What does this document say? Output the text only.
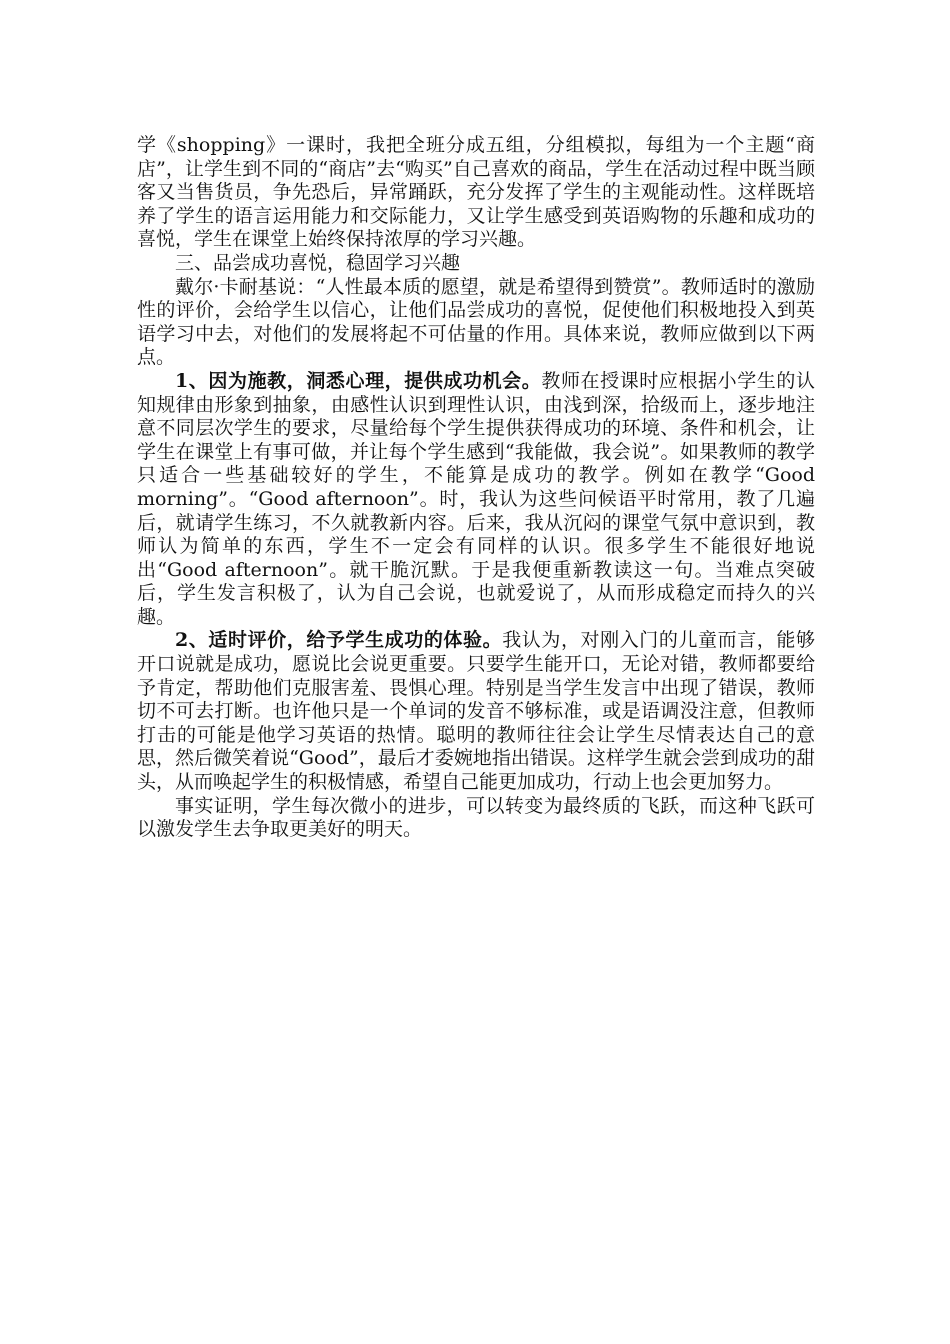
学《shopping》一课时，我把全班分成五组，分组模拟，每组为一个主题“商店”，让学生到不同的“商店”去“购买”自己喜欢的商品，学生在活动过程中既当顾客又当售货员，争先恐后，异常踊跃，充分发挥了学生的主观能动性。这样既培养了学生的语言运用能力和交际能力，又让学生感受到英语购物的乐趣和成功的喜悦，学生在课堂上始终保持浓厚的学习兴趣。

三、品尝成功喜悦，稳固学习兴趣

戴尔·卡耐基说：“人性最本质的愿望，就是希望得到赞赏”。教师适时的激励性的评价，会给学生以信心，让他们品尝成功的喜悦，促使他们积极地投入到英语学习中去，对他们的发展将起不可估量的作用。具体来说，教师应做到以下两点。

1、因为施教，洞悉心理，提供成功机会。教师在授课时应根据小学生的认知规律由形象到抽象，由感性认识到理性认识，由浅到深，拾级而上，逐步地注意不同层次学生的要求，尽量给每个学生提供获得成功的环境、条件和机会，让学生在课堂上有事可做，并让每个学生感到“我能做，我会说”。如果教师的教学只适合一些基础较好的学生，不能算是成功的教学。例如在教学“Good morning”。“Good afternoon”。时，我认为这些问候语平时常用，教了几遍后，就请学生练习，不久就教新内容。后来，我从沉闷的课堂气氛中意识到，教师认为简单的东西，学生不一定会有同样的认识。很多学生不能很好地说出“Good afternoon”。就干脆沉默。于是我便重新教读这一句。当难点突破后，学生发言积极了，认为自己会说，也就爱说了，从而形成稳定而持久的兴趣。

2、适时评价，给予学生成功的体验。我认为，对刚入门的儿童而言，能够开口说就是成功，愿说比会说更重要。只要学生能开口，无论对错，教师都要给予肯定，帮助他们克服害羞、畏惧心理。特别是当学生发言中出现了错误，教师切不可去打断。也许他只是一个单词的发音不够标准，或是语调没注意，但教师打击的可能是他学习英语的热情。聪明的教师往往会让学生尽情表达自己的意思，然后微笑着说“Good”，最后才委婉地指出错误。这样学生就会尝到成功的甜头，从而唤起学生的积极情感，希望自己能更加成功，行动上也会更加努力。

事实证明，学生每次微小的进步，可以转变为最终质的飞跃，而这种飞跃可以激发学生去争取更美好的明天。
